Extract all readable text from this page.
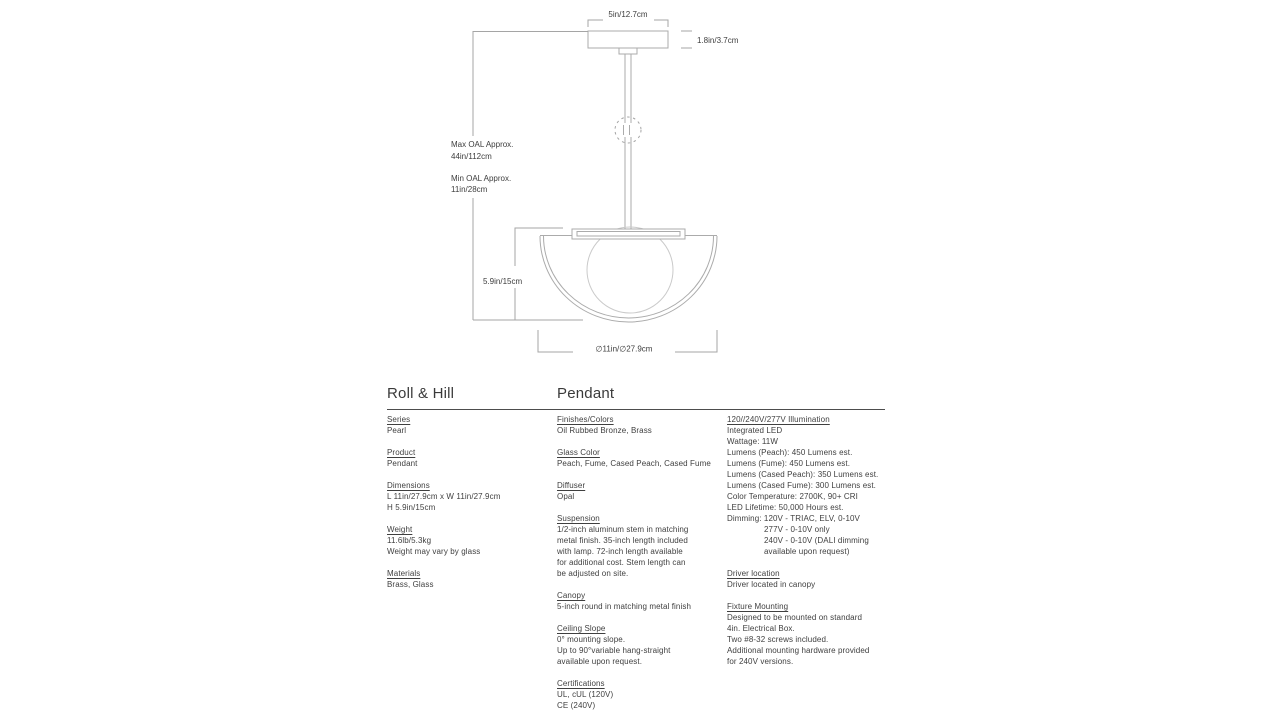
5in/12.7cm
1.8in/3.7cm
Max OAL Approx.
44in/112cm
Min OAL Approx.
11in/28cm
5.9in/15cm
∅11in/∅27.9cm
Roll & Hill	Pendant
Series
Pearl
Product
Pendant
Dimensions
L 11in/27.9cm x W 11in/27.9cm
H 5.9in/15cm
Weight
11.6lb/5.3kg
Weight may vary by glass
Materials
Brass, Glass
Finishes/Colors
Oil Rubbed Bronze, Brass
Glass Color
Peach, Fume, Cased Peach, Cased Fume
Diffuser
Opal
Suspension
1/2-inch aluminum stem in matching
metal finish. 35-inch length included
with lamp. 72-inch length available
for additional cost. Stem length can
be adjusted on site.
Canopy
5-inch round in matching metal finish
Ceiling Slope
0° mounting slope.
Up to 90°variable hang-straight
available upon request.
Certifications
UL, cUL (120V)
CE (240V)
120//240V/277V Illumination
Integrated LED
Wattage: 11W
Lumens (Peach): 450 Lumens est.
Lumens (Fume): 450 Lumens est.
Lumens (Cased Peach): 350 Lumens est.
Lumens (Cased Fume): 300 Lumens est.
Color Temperature: 2700K, 90+ CRI
LED Lifetime: 50,000 Hours est.
Dimming: 120V - TRIAC, ELV, 0-10V
277V - 0-10V only
240V - 0-10V (DALI dimming
available upon request)
Driver location
Driver located in canopy
Fixture Mounting
Designed to be mounted on standard
4in. Electrical Box.
Two #8-32 screws included.
Additional mounting hardware provided
for 240V versions.
